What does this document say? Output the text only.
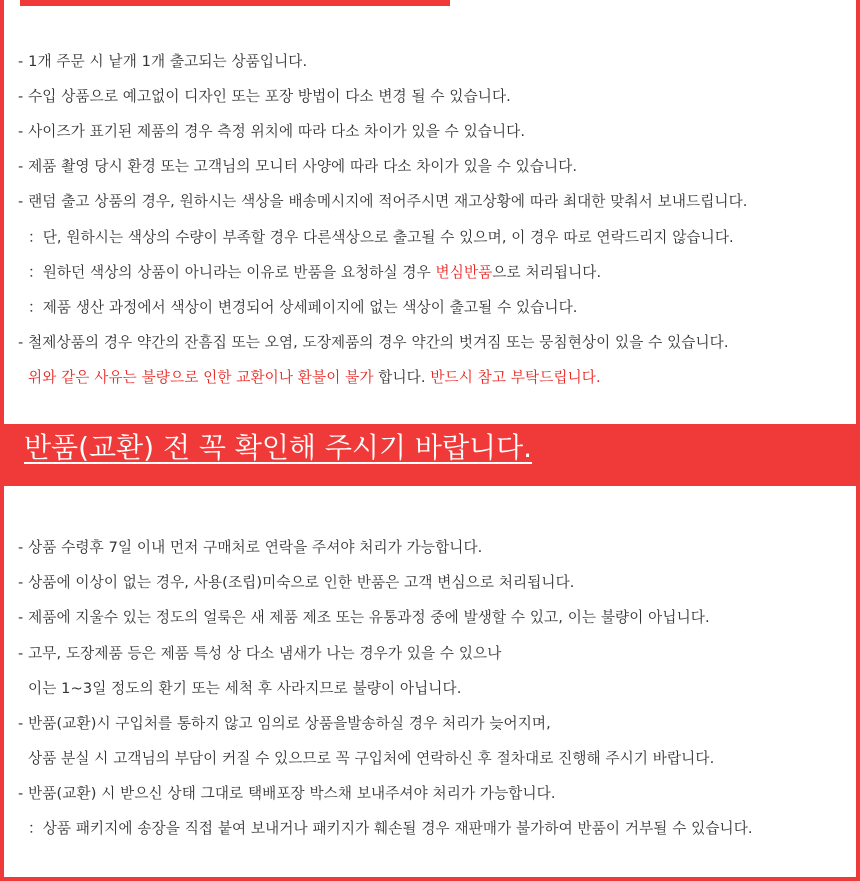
- 1개 주문 시 낱개 1개 출고되는 상품입니다.
- 수입 상품으로 예고없이 디자인 또는 포장 방법이 다소 변경 될 수 있습니다.
- 사이즈가 표기된 제품의 경우 측정 위치에 따라 다소 차이가 있을 수 있습니다.
- 제품 촬영 당시 환경 또는 고객님의 모니터 사양에 따라 다소 차이가 있을 수 있습니다.
- 랜덤 출고 상품의 경우, 원하시는 색상을 배송메시지에 적어주시면 재고상황에 따라 최대한 맞춰서 보내드립니다.
：단, 원하시는 색상의 수량이 부족할 경우 다른색상으로 출고될 수 있으며, 이 경우 따로 연락드리지 않습니다.
：원하던 색상의 상품이 아니라는 이유로 반품을 요청하실 경우 변심반품으로 처리됩니다.
：제품 생산 과정에서 색상이 변경되어 상세페이지에 없는 색상이 출고될 수 있습니다.
- 철제상품의 경우 약간의 잔흠집 또는 오염, 도장제품의 경우 약간의 벗겨짐 또는 뭉침현상이 있을 수 있습니다.
위와 같은 사유는 불량으로 인한 교환이나 환불이 불가 합니다. 반드시 참고 부탁드립니다.
반품(교환) 전 꼭 확인해 주시기 바랍니다.
- 상품 수령후 7일 이내 먼저 구매처로 연락을 주셔야 처리가 가능합니다.
- 상품에 이상이 없는 경우, 사용(조립)미숙으로 인한 반품은 고객 변심으로 처리됩니다.
- 제품에 지울수 있는 정도의 얼룩은 새 제품 제조 또는 유통과정 중에 발생할 수 있고, 이는 불량이 아닙니다.
- 고무, 도장제품 등은 제품 특성 상 다소 냄새가 나는 경우가 있을 수 있으나
이는 1~3일 정도의 환기 또는 세척 후 사라지므로 불량이 아닙니다.
- 반품(교환)시 구입처를 통하지 않고 임의로 상품을발송하실 경우 처리가 늦어지며,
상품 분실 시 고객님의 부담이 커질 수 있으므로 꼭 구입처에 연락하신 후 절차대로 진행해 주시기 바랍니다.
- 반품(교환) 시 받으신 상태 그대로 택배포장 박스채 보내주셔야 처리가 가능합니다.
：상품 패키지에 송장을 직접 붙여 보내거나 패키지가 훼손될 경우 재판매가 불가하여 반품이 거부될 수 있습니다.
